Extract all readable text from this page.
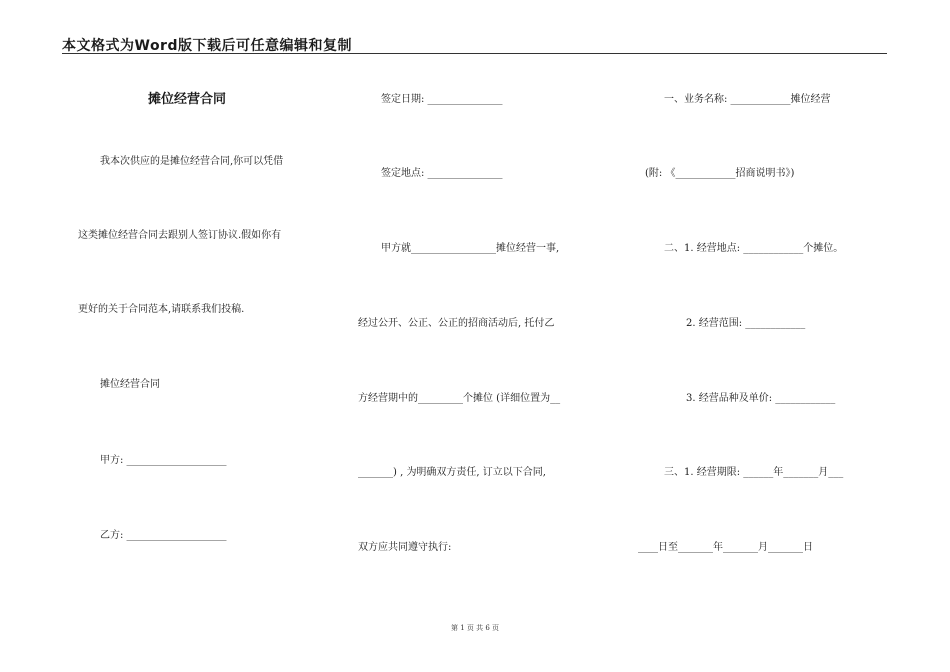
本文格式为Word版下载后可任意编辑和复制
摊位经营合同
我本次供应的是摊位经营合同,你可以凭借
这类摊位经营合同去跟别人签订协议.假如你有
更好的关于合同范本,请联系我们投稿.
摊位经营合同
甲方: ____________________
乙方: ____________________
签定日期: _______________
签定地点: _______________
甲方就_________________摊位经营一事,
经过公开、公正、公正的招商活动后, 托付乙
方经营期中的_________个摊位 (详细位置为__
_______) , 为明确双方责任, 订立以下合同,
双方应共同遵守执行:
一、业务名称: ____________摊位经营
(附: 《____________招商说明书》)
二、1. 经营地点: ____________个摊位。
2. 经营范围: ____________
3. 经营品种及单价: ____________
三、1. 经营期限: ______年_______月___
____日至_______年_______月_______日
第 1 页 共 6 页
